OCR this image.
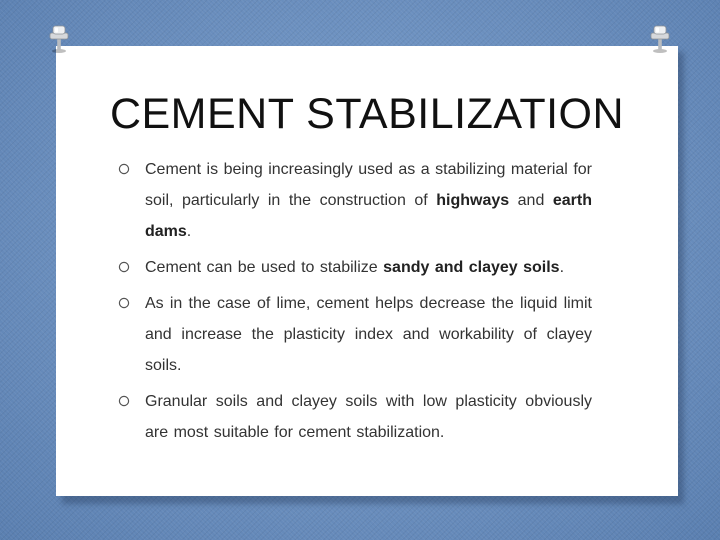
CEMENT STABILIZATION
Cement is being increasingly used as a stabilizing material for soil, particularly in the construction of highways and earth dams.
Cement can be used to stabilize sandy and clayey soils.
As in the case of lime, cement helps decrease the liquid limit and increase the plasticity index and workability of clayey soils.
Granular soils and clayey soils with low plasticity obviously are most suitable for cement stabilization.
